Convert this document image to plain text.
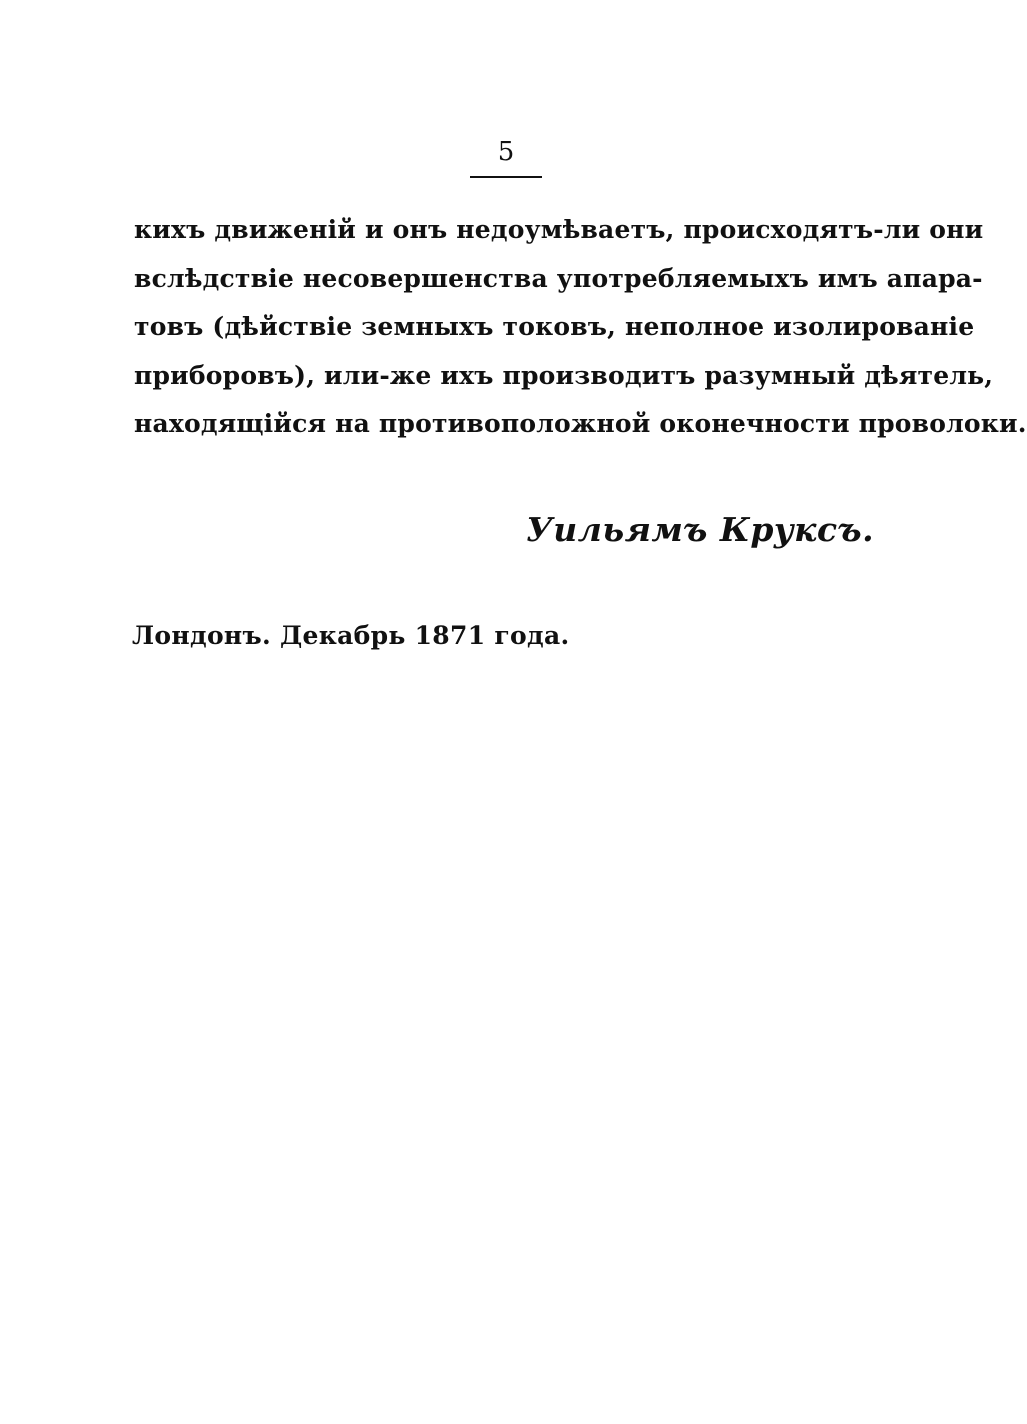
5
кихъ движенiй и онъ недоумѣваетъ, происходятъ-ли они
вслѣдствiе несовершенства употребляемыхъ имъ апара-
товъ (дѣйствiе земныхъ токовъ, неполное изолированiе
приборовъ), или-же ихъ производитъ разумный дѣятель,
находящiйся на противоположной оконечности проволоки.
Уильямъ Круксъ.
Лондонъ. Декабрь 1871 года.
